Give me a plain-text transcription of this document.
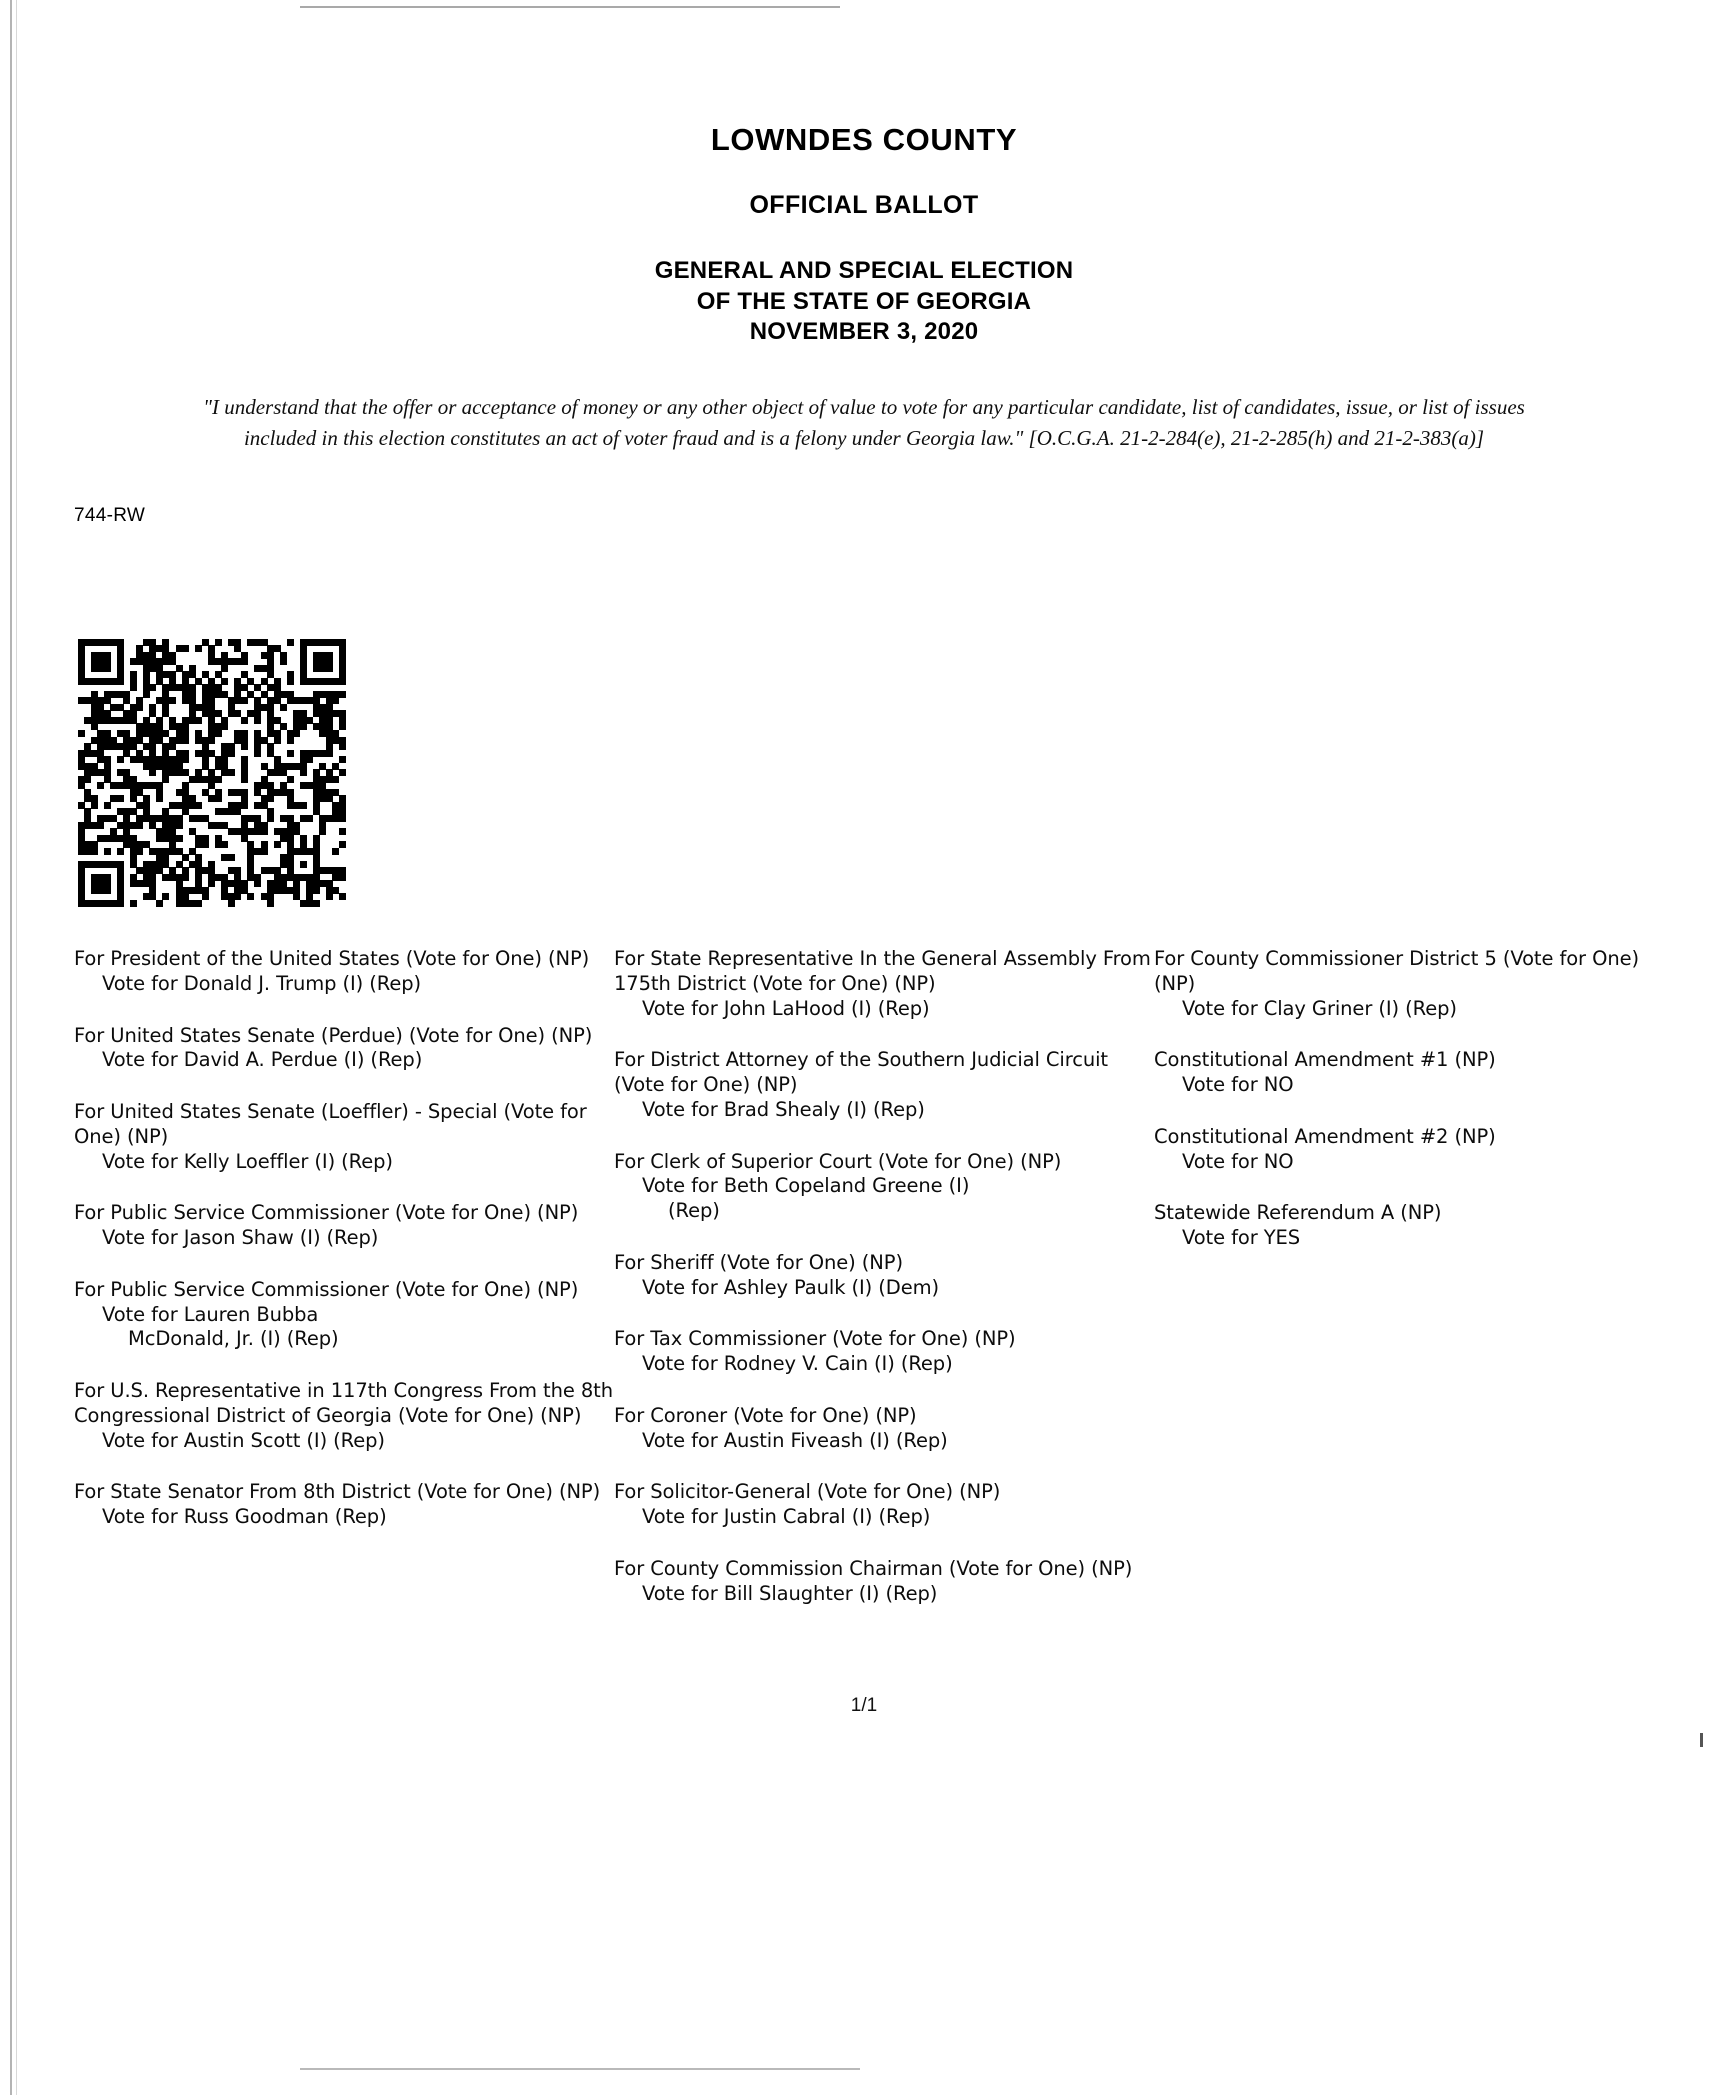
LOWNDES COUNTY
OFFICIAL BALLOT
GENERAL AND SPECIAL ELECTION
OF THE STATE OF GEORGIA
NOVEMBER 3, 2020
"I understand that the offer or acceptance of money or any other object of value to vote for any particular candidate, list of candidates, issue, or list of issues included in this election constitutes an act of voter fraud and is a felony under Georgia law." [O.C.G.A. 21-2-284(e), 21-2-285(h) and 21-2-383(a)]
744-RW
For President of the United States (Vote for One) (NP)
Vote for Donald J. Trump (I) (Rep)
For United States Senate (Perdue) (Vote for One) (NP)
Vote for David A. Perdue (I) (Rep)
For United States Senate (Loeffler) - Special (Vote for One) (NP)
Vote for Kelly Loeffler (I) (Rep)
For Public Service Commissioner (Vote for One) (NP)
Vote for Jason Shaw (I) (Rep)
For Public Service Commissioner (Vote for One) (NP)
Vote for Lauren Bubba
McDonald, Jr. (I) (Rep)
For U.S. Representative in 117th Congress From the 8th Congressional District of Georgia (Vote for One) (NP)
Vote for Austin Scott (I) (Rep)
For State Senator From 8th District (Vote for One) (NP)
Vote for Russ Goodman (Rep)
For State Representative In the General Assembly From 175th District (Vote for One) (NP)
Vote for John LaHood (I) (Rep)
For District Attorney of the Southern Judicial Circuit (Vote for One) (NP)
Vote for Brad Shealy (I) (Rep)
For Clerk of Superior Court (Vote for One) (NP)
Vote for Beth Copeland Greene (I)
(Rep)
For Sheriff (Vote for One) (NP)
Vote for Ashley Paulk (I) (Dem)
For Tax Commissioner (Vote for One) (NP)
Vote for Rodney V. Cain (I) (Rep)
For Coroner (Vote for One) (NP)
Vote for Austin Fiveash (I) (Rep)
For Solicitor-General (Vote for One) (NP)
Vote for Justin Cabral (I) (Rep)
For County Commission Chairman (Vote for One) (NP)
Vote for Bill Slaughter (I) (Rep)
For County Commissioner District 5 (Vote for One) (NP)
Vote for Clay Griner (I) (Rep)
Constitutional Amendment #1 (NP)
Vote for NO
Constitutional Amendment #2 (NP)
Vote for NO
Statewide Referendum A (NP)
Vote for YES
1/1
